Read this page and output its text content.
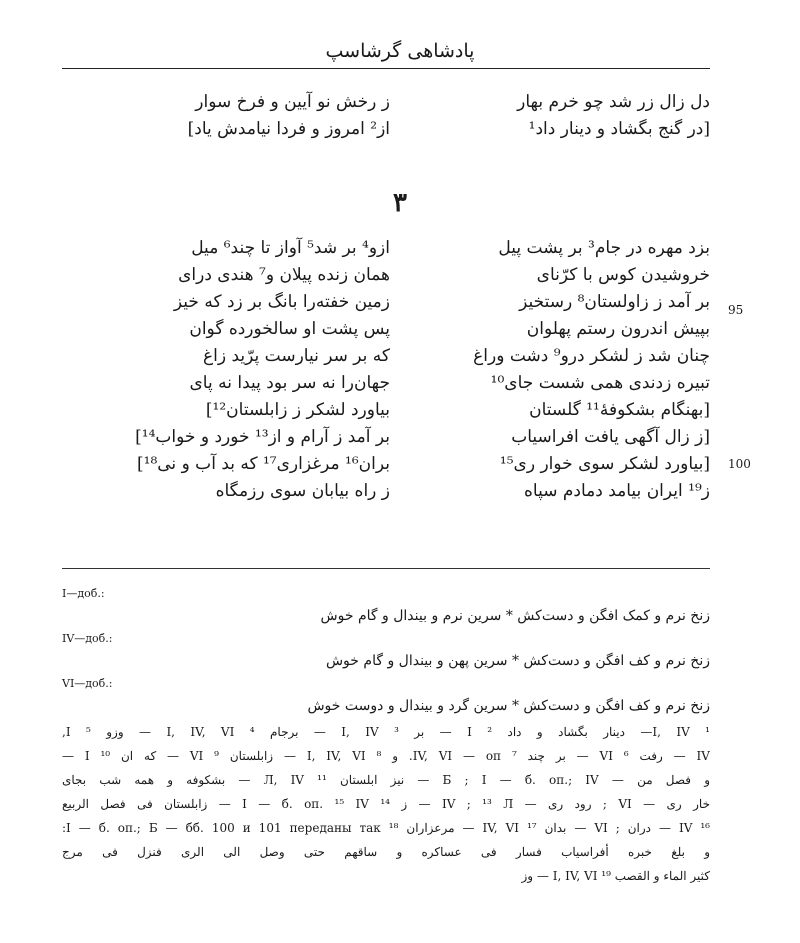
پادشاهی گرشاسپ
دل زال زر شد چو خرم بهار
ز رخش نو آیین و فرخ سوار
[در گنج بگشاد و دینار داد¹
از² امروز و فردا نیامدش یاد]
۳
بزد مهره در جام³ بر پشت پیل
ازو⁴ بر شد⁵ آواز تا چند⁶ میل
خروشیدن کوس با کرّنای
همان زنده پیلان و⁷ هندی درای
بر آمد ز زاولستان⁸ رستخیز
زمین خفته‌را بانگ بر زد که خیز
بپیش اندرون رستم پهلوان
پس پشت او سالخورده گوان
چنان شد ز لشکر درو⁹ دشت وراغ
که بر سر نیارست پرّید زاغ
تبیره زدندی همی شست جای¹⁰
جهان‌را نه سر بود پیدا نه پای
[بهنگام بشکوفهٔ¹¹ گلستان
بیاورد لشکر ز زابلستان¹²]
[ز زال آگهی یافت افراسیاب
بر آمد ز آرام و از¹³ خورد و خواب¹⁴]
[بیاورد لشکر سوی خوار ری¹⁵
بران¹⁶ مرغزاری¹⁷ که بد آب و نی¹⁸]
ز¹⁹ ایران بیامد دمادم سپاه
ز راه بیابان سوی رزمگاه
95
100
I—доб.:
زنخ نرم و کمک افگن و دست‌کش * سرین نرم و بیندال و گام خوش
IV—доб.:
زنخ نرم و کف افگن و دست‌کش * سرین پهن و بیندال و گام خوش
VI—доб.:
زنخ نرم و کف افگن و دست‌کش * سرین گرد و بیندال و دوست خوش
¹ I, IV— دینار بگشاد و داد ² I — بر ³ I, IV — برجام ⁴ I, IV, VI — وزو ⁵ I,
IV — رفت ⁶ VI — بر چند ⁷ IV, VI — оп. و ⁸ I, IV, VI — زابلستان ⁹ VI — که ان ¹⁰ I —
و فصل من — Б ; I — б. оп.; IV — نیز ابلستان ¹¹ Л, IV — بشکوفه و همه شب بجای
خار ری — VI ; رود ری — IV ; ¹³ Л — ز ¹⁴ I — б. оп. ¹⁵ IV — زابلستان فی فصل الربیع
¹⁶ IV — دران ; VI — بدان ¹⁷ IV, VI — مرعزاران ¹⁸ I — б. оп.; Б — бб. 100 и 101 переданы так:
و بلغ خبره أفراسیاب فسار فی عساکره و ساقهم حتی وصل الی الری فنزل فی مرج
کثیر الماء و القصب ¹⁹ I, IV, VI — وز
